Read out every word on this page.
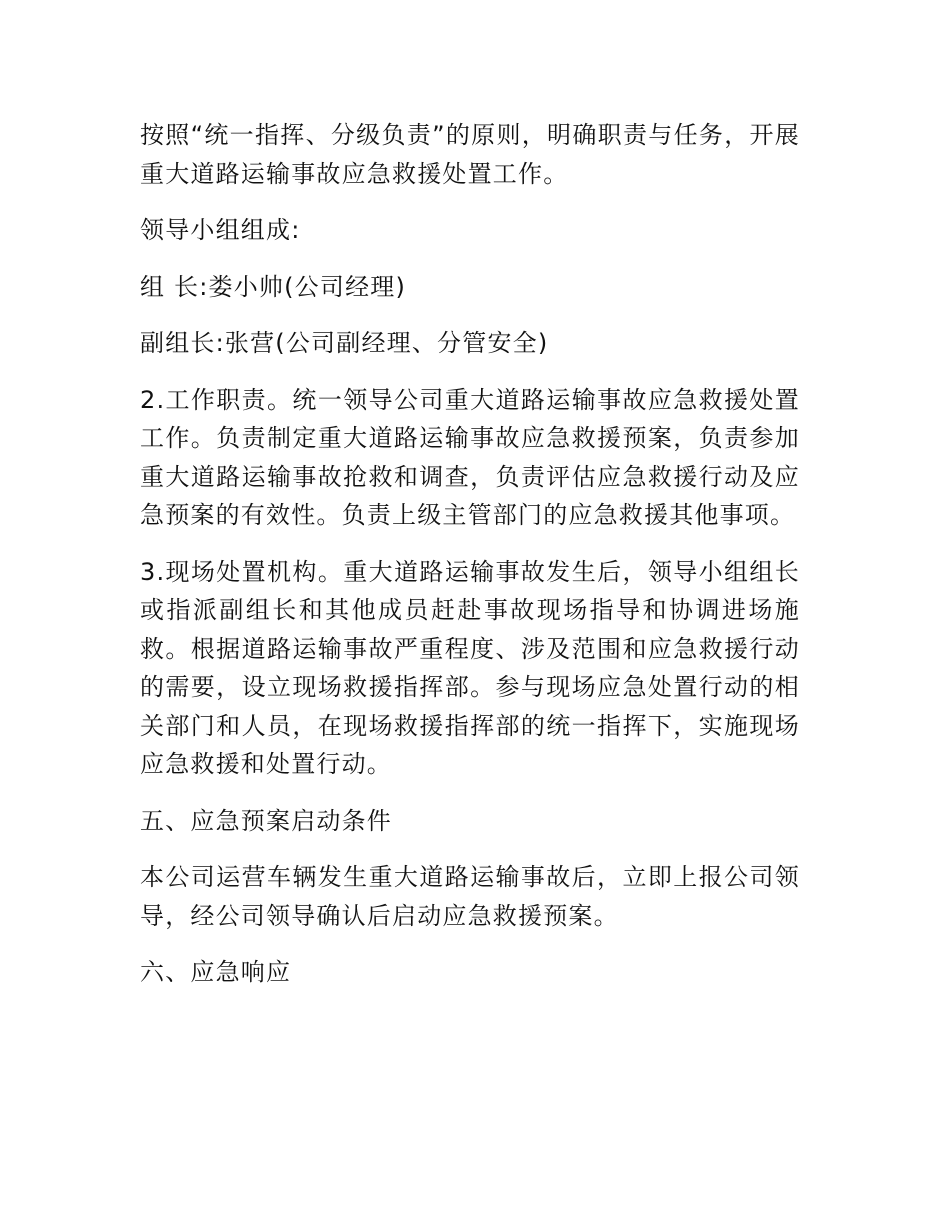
按照“统一指挥、分级负责”的原则，明确职责与任务，开展重大道路运输事故应急救援处置工作。

领导小组组成:

组 长:娄小帅(公司经理)

副组长:张营(公司副经理、分管安全)

2.工作职责。统一领导公司重大道路运输事故应急救援处置工作。负责制定重大道路运输事故应急救援预案，负责参加重大道路运输事故抢救和调查，负责评估应急救援行动及应急预案的有效性。负责上级主管部门的应急救援其他事项。

3.现场处置机构。重大道路运输事故发生后，领导小组组长或指派副组长和其他成员赶赴事故现场指导和协调进场施救。根据道路运输事故严重程度、涉及范围和应急救援行动的需要，设立现场救援指挥部。参与现场应急处置行动的相关部门和人员，在现场救援指挥部的统一指挥下，实施现场应急救援和处置行动。

五、应急预案启动条件

本公司运营车辆发生重大道路运输事故后，立即上报公司领导，经公司领导确认后启动应急救援预案。

六、应急响应
